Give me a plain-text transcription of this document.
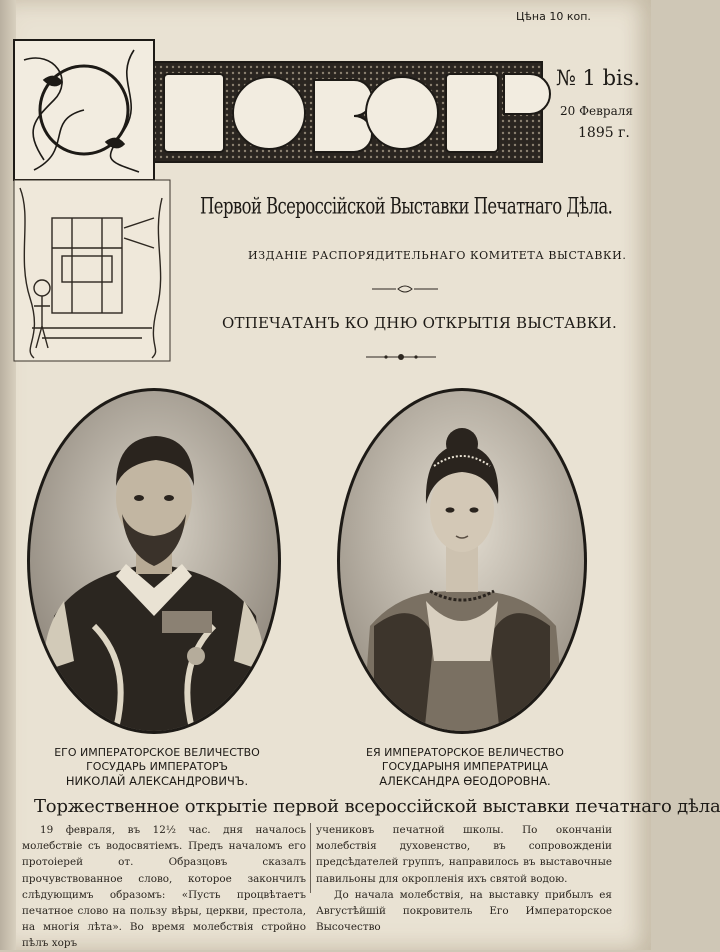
Цѣна 10 коп.
№ 1 bis.
20 Февраля
1895 г.
Первой Всероссійской Выставки Печатнаго Дѣла.
ИЗДАНІЕ РАСПОРЯДИТЕЛЬНАГО КОМИТЕТА ВЫСТАВКИ.
ОТПЕЧАТАНЪ КО ДНЮ ОТКРЫТІЯ ВЫСТАВКИ.
ЕГО ИМПЕРАТОРСКОЕ ВЕЛИЧЕСТВО
ГОСУДАРЬ ИМПЕРАТОРЪ
НИКОЛАЙ АЛЕКСАНДРОВИЧЪ.
ЕЯ ИМПЕРАТОРСКОЕ ВЕЛИЧЕСТВО
ГОСУДАРЫНЯ ИМПЕРАТРИЦА
АЛЕКСАНДРА ӨЕОДОРОВНА.
Торжественное открытіе первой всероссійской выставки печатнаго дѣла

19 февраля, въ 12½ час. дня началось молебствіе съ водосвятіемъ. Предъ началомъ его протоіерей от. Образцовъ сказалъ прочувствованное слово, которое закончилъ слѣдующимъ образомъ: «Пусть процвѣтаетъ печатное слово на пользу вѣры, церкви, престола, на многія лѣта». Во время молебствія стройно пѣлъ хоръ

учениковъ печатной школы. По окончаніи молебствія духовенство, въ сопровожденіи предсѣдателей группъ, направилось въ выставочные павильоны для окропленія ихъ святой водою.

До начала молебствія, на выставку прибылъ ея Августѣйшій покровитель Его Императорское Высочество
